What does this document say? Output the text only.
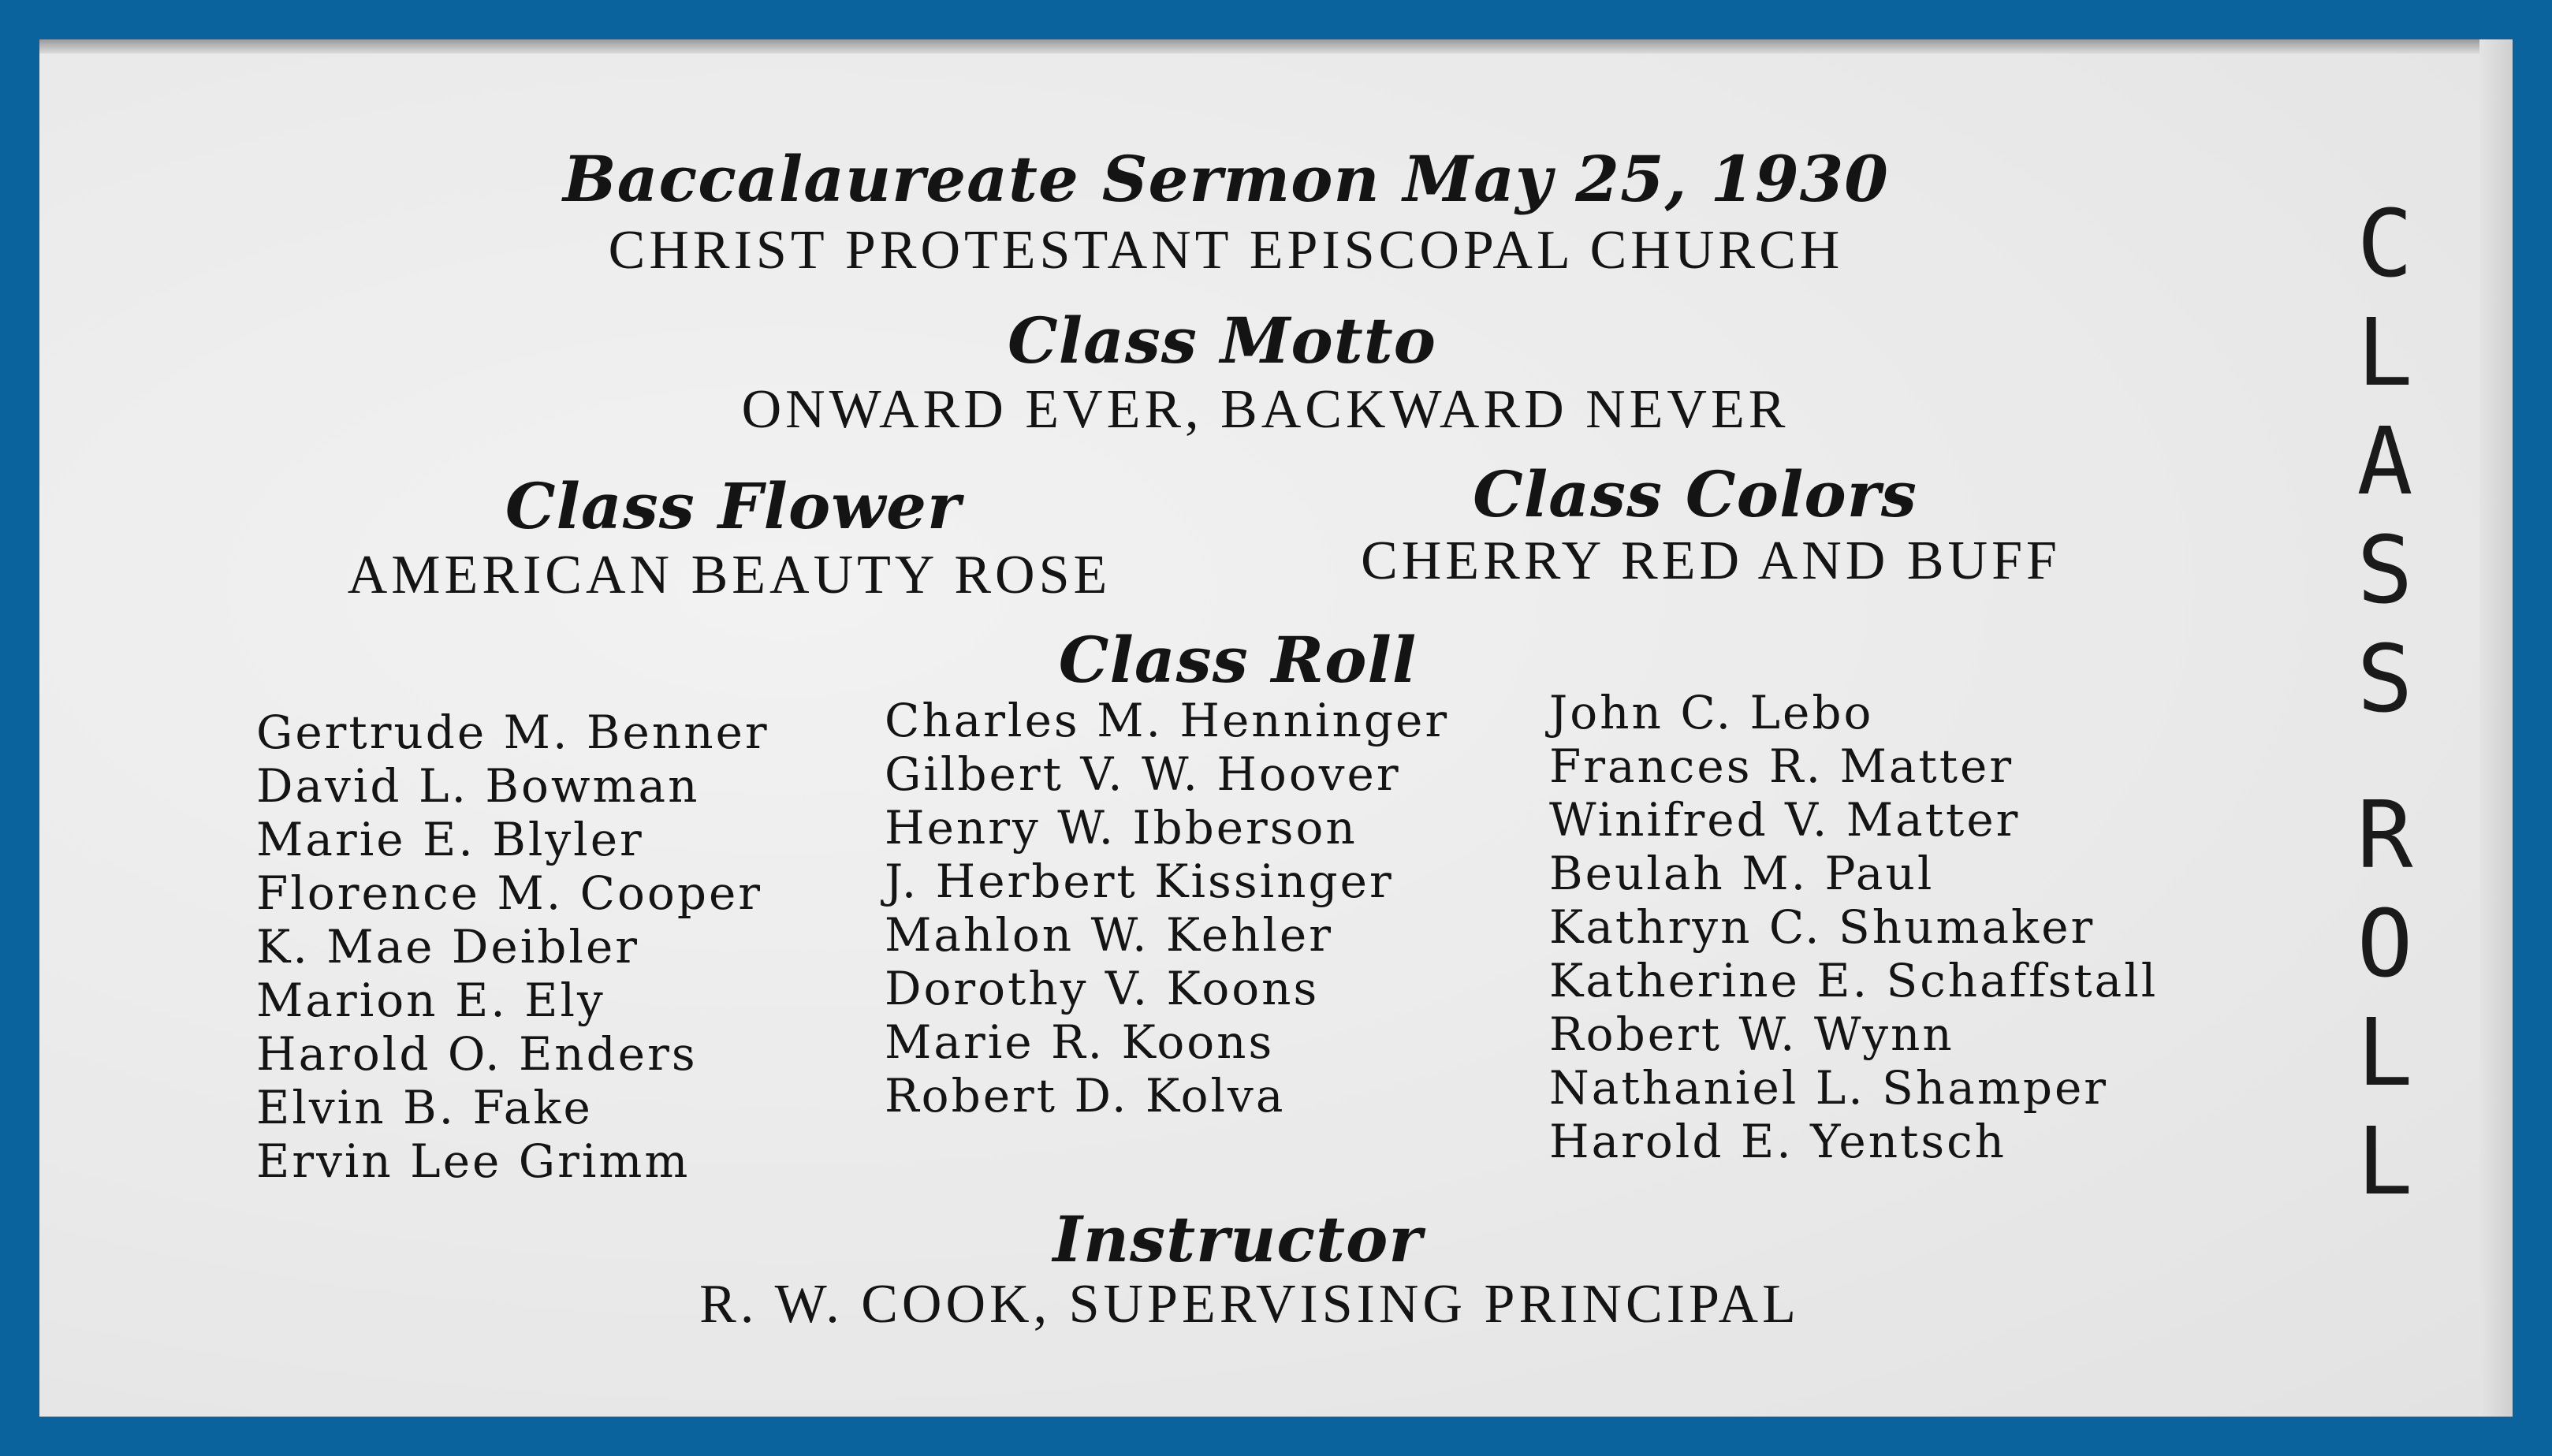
Baccalaureate Sermon May 25, 1930
CHRIST PROTESTANT EPISCOPAL CHURCH
Class Motto
ONWARD EVER, BACKWARD NEVER
Class Flower
AMERICAN BEAUTY ROSE
Class Colors
CHERRY RED AND BUFF
Class Roll
Gertrude M. Benner
David L. Bowman
Marie E. Blyler
Florence M. Cooper
K. Mae Deibler
Marion E. Ely
Harold O. Enders
Elvin B. Fake
Ervin Lee Grimm
Charles M. Henninger
Gilbert V. W. Hoover
Henry W. Ibberson
J. Herbert Kissinger
Mahlon W. Kehler
Dorothy V. Koons
Marie R. Koons
Robert D. Kolva
John C. Lebo
Frances R. Matter
Winifred V. Matter
Beulah M. Paul
Kathryn C. Shumaker
Katherine E. Schaffstall
Robert W. Wynn
Nathaniel L. Shamper
Harold E. Yentsch
Instructor
R. W. COOK, SUPERVISING PRINCIPAL
C
L
A
S
S
R
O
L
L
